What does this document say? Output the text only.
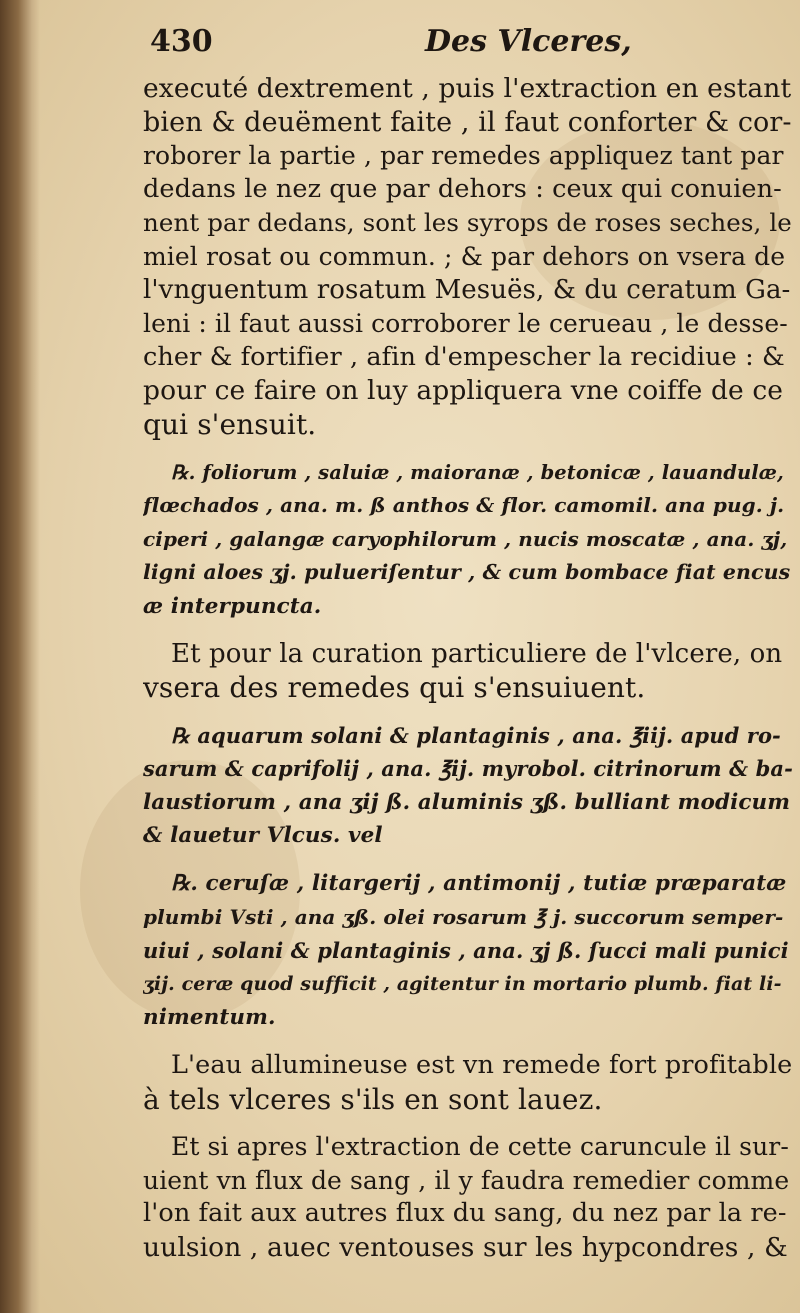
430	Des Vlceres,
executé dextrement , puis l'extraction en estant
bien & deuëment faite , il faut conforter & cor-
roborer la partie , par remedes appliquez tant par
dedans le nez que par dehors : ceux qui conuien-
nent par dedans, sont les syrops de roses seches, le
miel rosat ou commun. ; & par dehors on vsera de
l'vnguentum rosatum Mesuës, & du ceratum Ga-
leni : il faut aussi corroborer le cerueau , le desse-
cher & fortifier , afin d'empescher la recidiue : &
pour ce faire on luy appliquera vne coiffe de ce
qui s'ensuit.
℞. foliorum , saluiæ , maioranæ , betonicæ , lauandulæ,
flœchados , ana. m. ß anthos & flor. camomil. ana pug. j.
ciperi , galangæ caryophilorum , nucis moscatæ , ana. ʒj,
ligni aloes ʒj. pulueriſentur , & cum bombace fiat encus
æ interpuncta.
Et pour la curation particuliere de l'vlcere, on
vsera des remedes qui s'ensuiuent.
℞ aquarum solani & plantaginis , ana. ℥iij. apud ro-
sarum & caprifolij , ana. ℥ij. myrobol. citrinorum & ba-
laustiorum , ana ʒij ß. aluminis ʒß. bulliant modicum
& lauetur Vlcus. vel
℞. ceruſæ , litargerij , antimonij , tutiæ præparatæ
plumbi Vsti , ana ʒß. olei rosarum ℥ j. succorum semper-
uiui , solani & plantaginis , ana. ʒj ß. ſucci mali punici
ʒij. ceræ quod sufficit , agitentur in mortario plumb. fiat li-
nimentum.
L'eau allumineuse est vn remede fort profitable
à tels vlceres s'ils en sont lauez.
Et si apres l'extraction de cette caruncule il sur-
uient vn flux de sang , il y faudra remedier comme
l'on fait aux autres flux du sang, du nez par la re-
uulsion , auec ventouses sur les hypcondres , &
